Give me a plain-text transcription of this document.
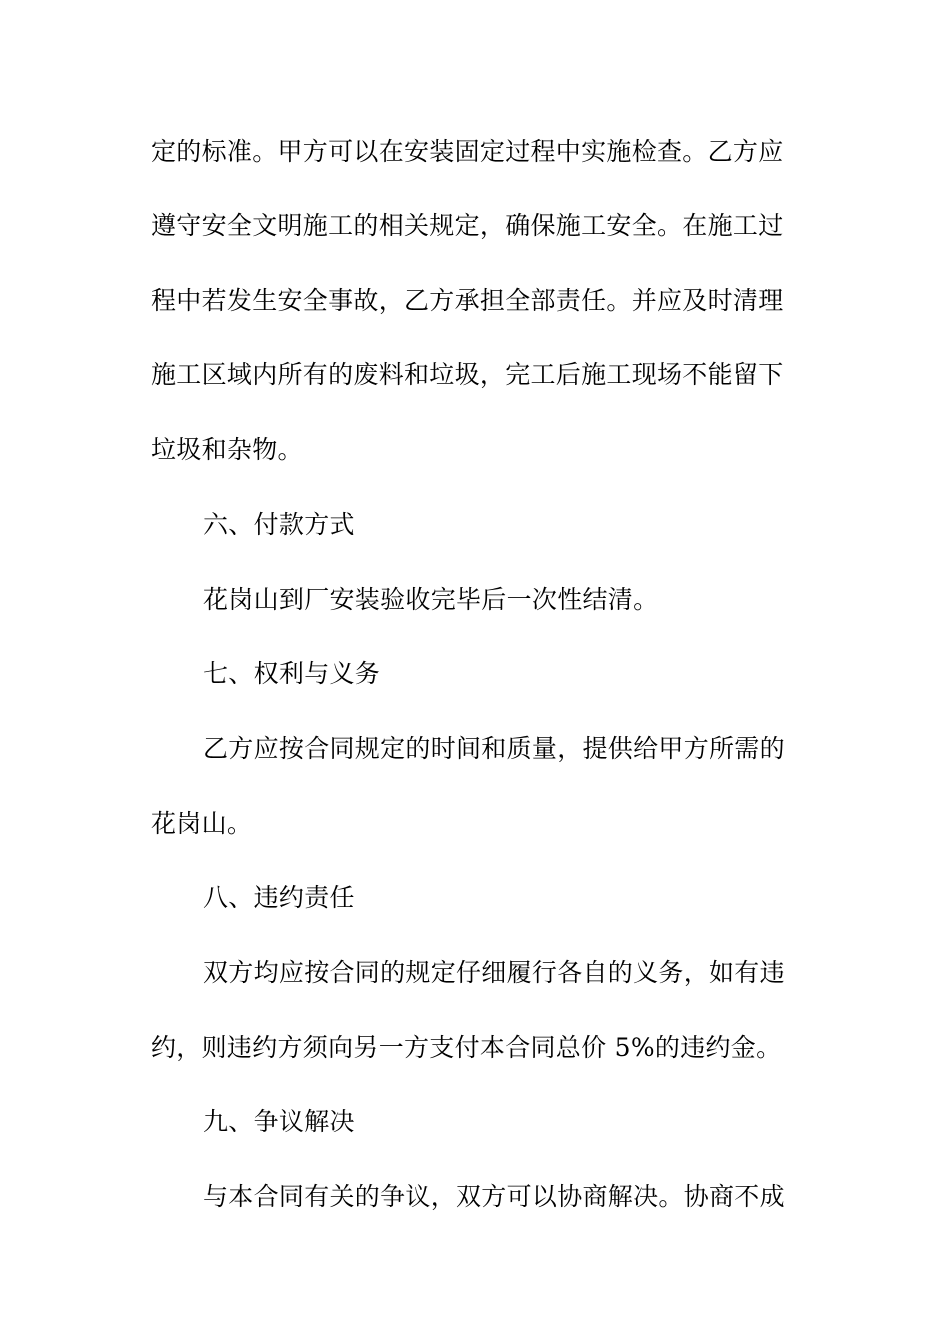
定的标准。甲方可以在安装固定过程中实施检查。乙方应
遵守安全文明施工的相关规定，确保施工安全。在施工过
程中若发生安全事故，乙方承担全部责任。并应及时清理
施工区域内所有的废料和垃圾，完工后施工现场不能留下
垃圾和杂物。
六、付款方式
花岗山到厂安装验收完毕后一次性结清。
七、权利与义务
乙方应按合同规定的时间和质量，提供给甲方所需的
花岗山。
八、违约责任
双方均应按合同的规定仔细履行各自的义务，如有违
约，则违约方须向另一方支付本合同总价 5%的违约金。
九、争议解决
与本合同有关的争议，双方可以协商解决。协商不成
